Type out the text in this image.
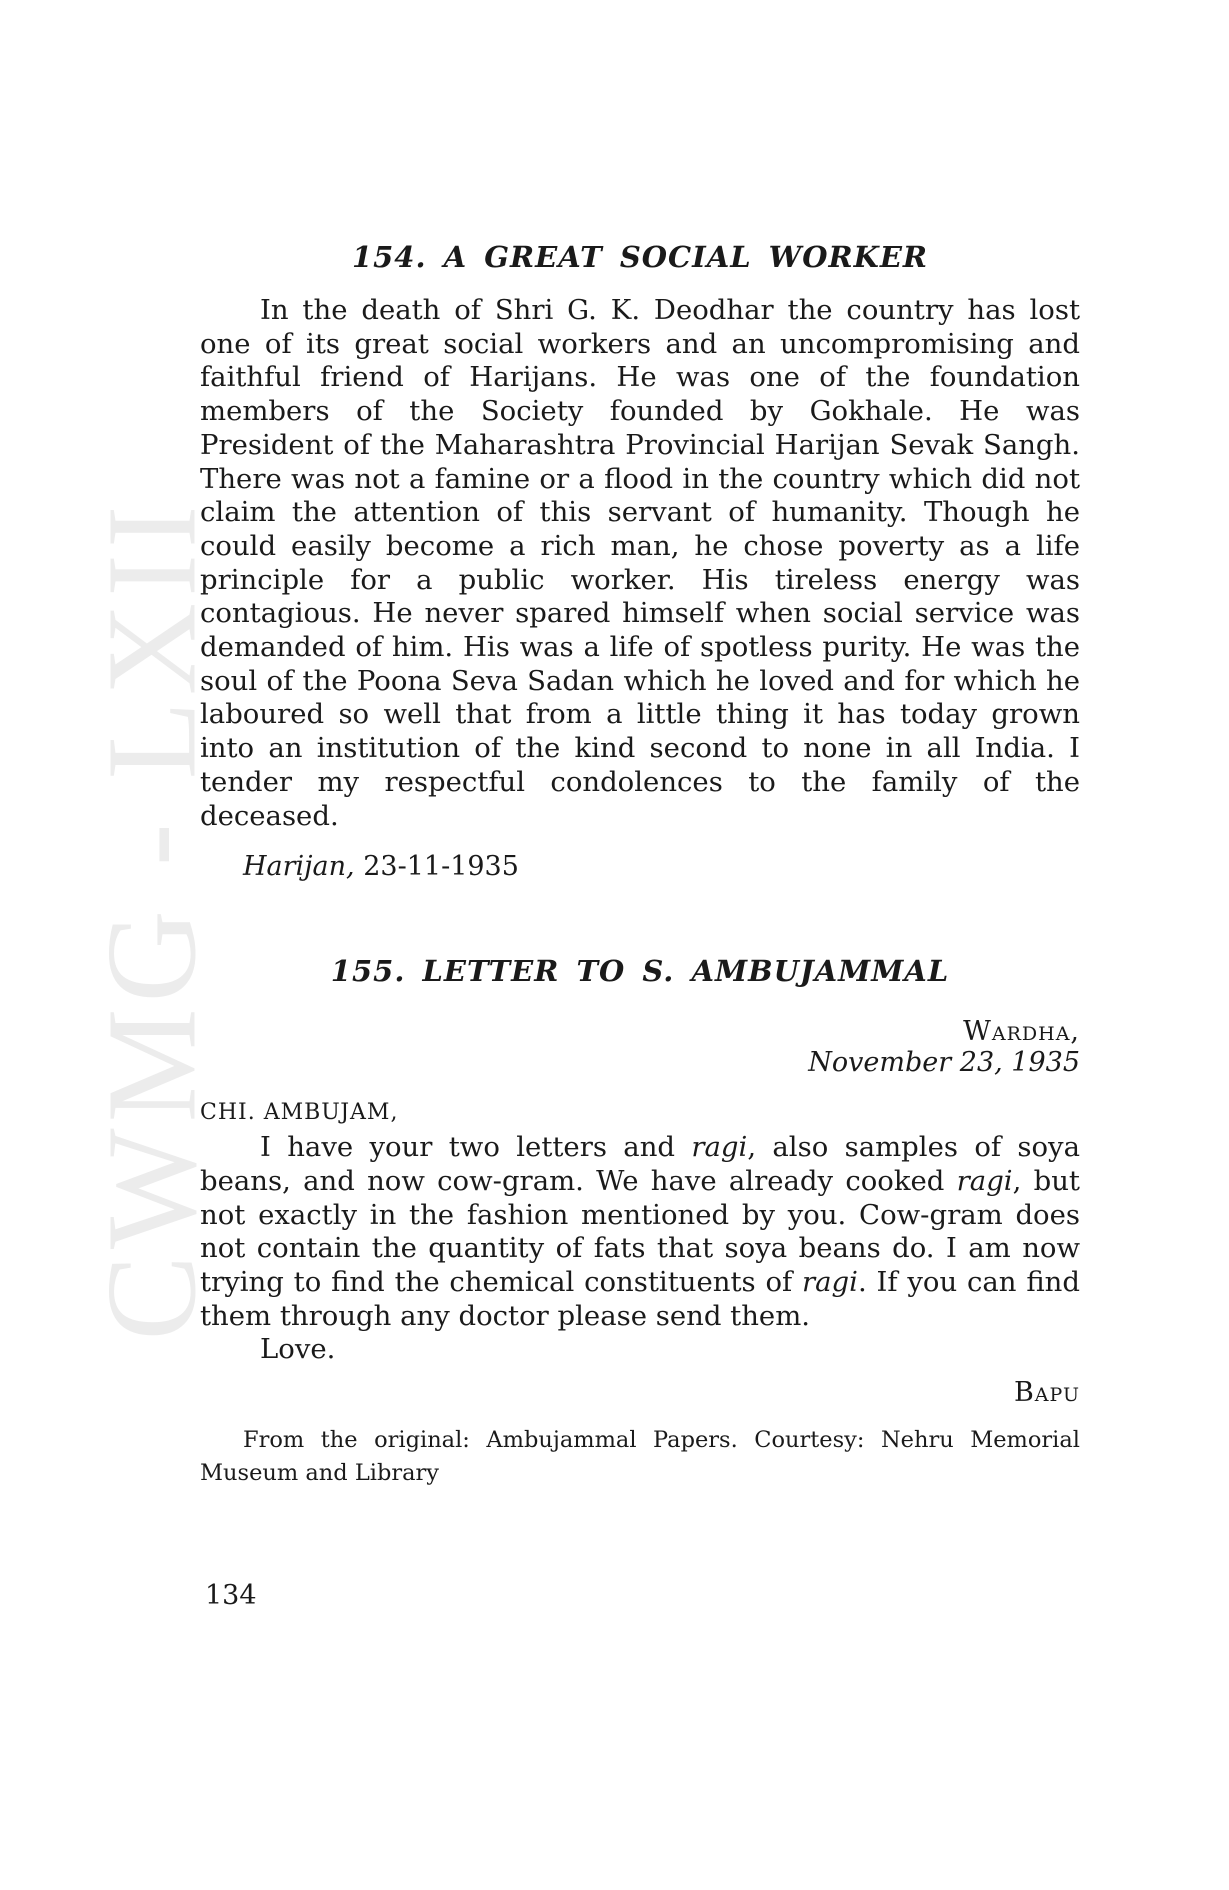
CWMG - LXII
154. A GREAT SOCIAL WORKER

In the death of Shri G. K. Deodhar the country has lost one of its great social workers and an uncompromising and faithful friend of Harijans. He was one of the foundation members of the Society founded by Gokhale. He was President of the Maharashtra Provincial Harijan Sevak Sangh. There was not a famine or a flood in the country which did not claim the attention of this servant of humanity. Though he could easily become a rich man, he chose poverty as a life principle for a public worker. His tireless energy was contagious. He never spared himself when social service was demanded of him. His was a life of spotless purity. He was the soul of the Poona Seva Sadan which he loved and for which he laboured so well that from a little thing it has today grown into an institution of the kind second to none in all India. I tender my respectful condolences to the family of the deceased.

Harijan, 23-11-1935

155. LETTER TO S. AMBUJAMMAL

Wardha,

November 23, 1935

CHI. AMBUJAM,

I have your two letters and ragi, also samples of soya beans, and now cow-gram. We have already cooked ragi, but not exactly in the fashion mentioned by you. Cow-gram does not contain the quantity of fats that soya beans do. I am now trying to find the chemical constituents of ragi. If you can find them through any doctor please send them.

Love.

Bapu

From the original: Ambujammal Papers. Courtesy: Nehru Memorial Museum and Library

134
